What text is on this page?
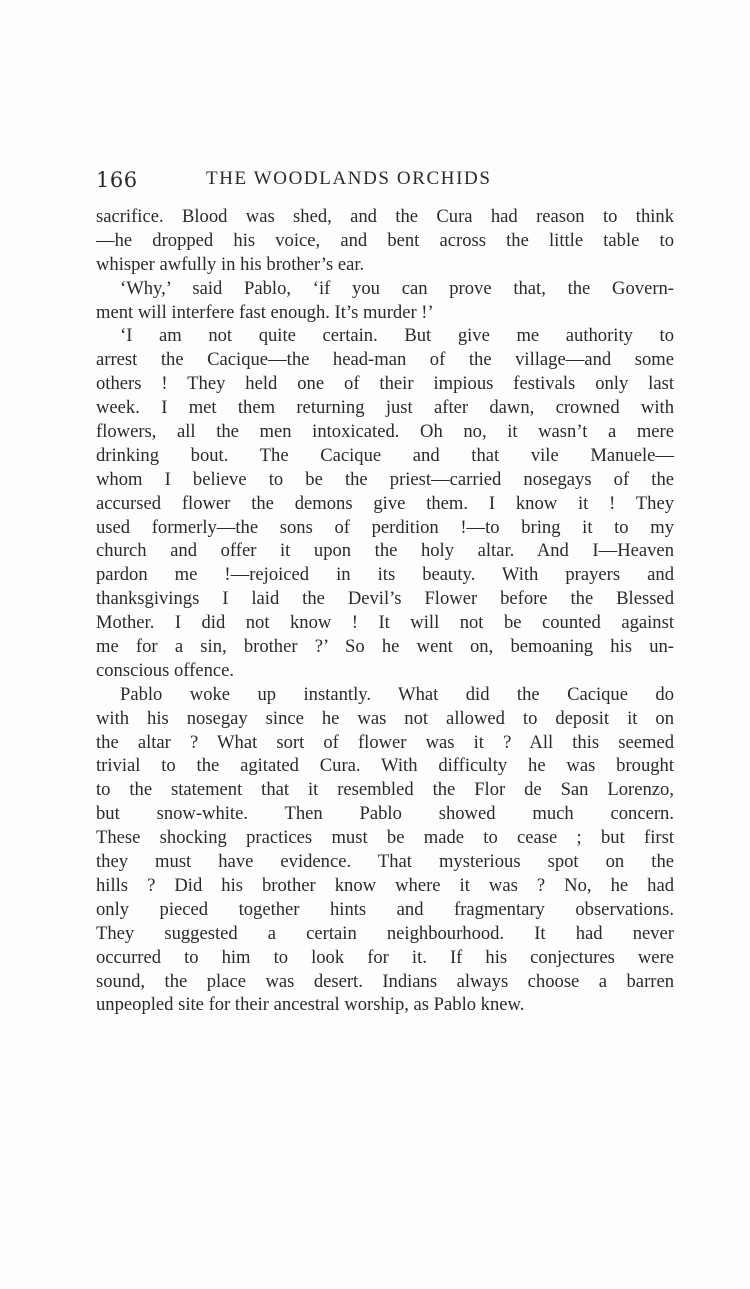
166	THE WOODLANDS ORCHIDS
sacrifice. Blood was shed, and the Cura had reason to think
—he dropped his voice, and bent across the little table to
whisper awfully in his brother’s ear.
‘Why,’ said Pablo, ‘if you can prove that, the Govern-
ment will interfere fast enough. It’s murder !’
‘I am not quite certain. But give me authority to
arrest the Cacique—the head-man of the village—and some
others ! They held one of their impious festivals only last
week. I met them returning just after dawn, crowned with
flowers, all the men intoxicated. Oh no, it wasn’t a mere
drinking bout. The Cacique and that vile Manuele—
whom I believe to be the priest—carried nosegays of the
accursed flower the demons give them. I know it ! They
used formerly—the sons of perdition !—to bring it to my
church and offer it upon the holy altar. And I—Heaven
pardon me !—rejoiced in its beauty. With prayers and
thanksgivings I laid the Devil’s Flower before the Blessed
Mother. I did not know ! It will not be counted against
me for a sin, brother ?’ So he went on, bemoaning his un-
conscious offence.
Pablo woke up instantly. What did the Cacique do
with his nosegay since he was not allowed to deposit it on
the altar ? What sort of flower was it ? All this seemed
trivial to the agitated Cura. With difficulty he was brought
to the statement that it resembled the Flor de San Lorenzo,
but snow-white. Then Pablo showed much concern.
These shocking practices must be made to cease ; but first
they must have evidence. That mysterious spot on the
hills ? Did his brother know where it was ? No, he had
only pieced together hints and fragmentary observations.
They suggested a certain neighbourhood. It had never
occurred to him to look for it. If his conjectures were
sound, the place was desert. Indians always choose a barren
unpeopled site for their ancestral worship, as Pablo knew.
